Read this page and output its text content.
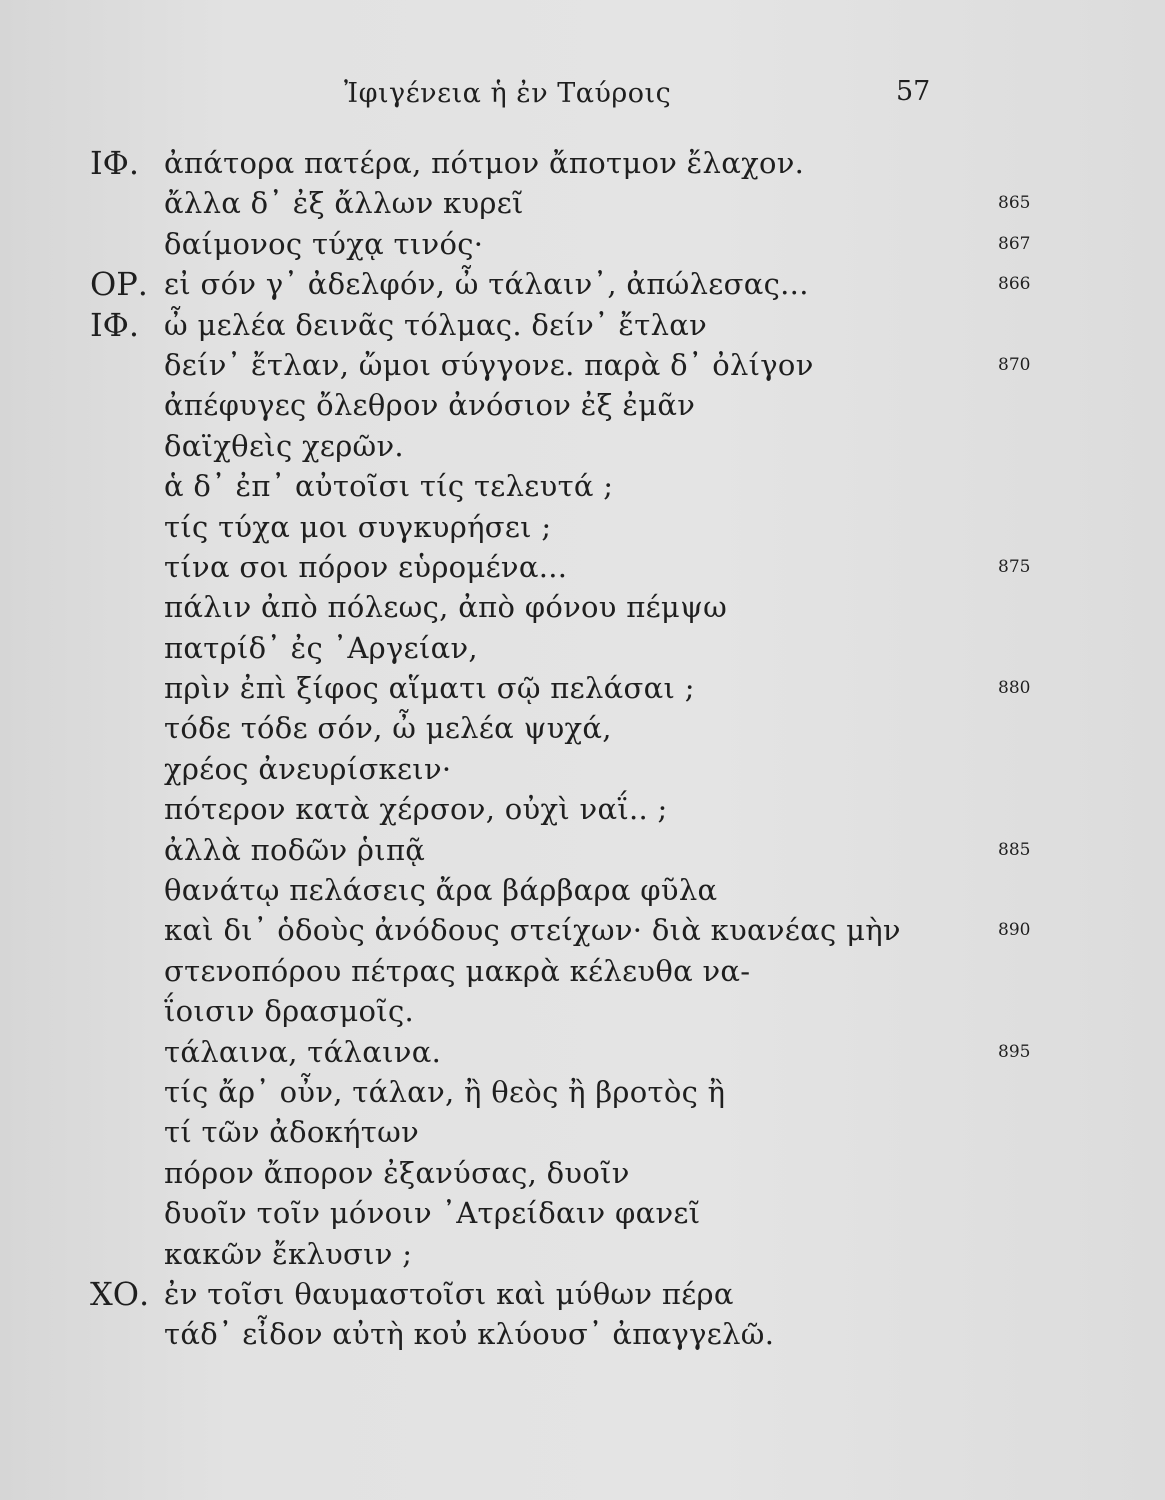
Ἰφιγένεια ἡ ἐν Ταύροις	57
ΙΦ. ἀπάτορα πατέρα, πότμον ἄποτμον ἔλαχον.
ἄλλα δ᾽ ἐξ ἄλλων κυρεῖ	865
δαίμονος τύχᾳ τινός·	867
ΟΡ. εἰ σόν γ᾽ ἀδελφόν, ὦ τάλαιν᾽, ἀπώλεσας...	866
ΙΦ. ὦ μελέα δεινᾶς τόλμας. δείν᾽ ἔτλαν
δείν᾽ ἔτλαν, ὤμοι σύγγονε. παρὰ δ᾽ ὀλίγον	870
ἀπέφυγες ὄλεθρον ἀνόσιον ἐξ ἐμᾶν
δαϊχθεὶς χερῶν.
ἁ δ᾽ ἐπ᾽ αὐτοῖσι τίς τελευτά ;
τίς τύχα μοι συγκυρήσει ;
τίνα σοι πόρον εὑρομένα...	875
πάλιν ἀπὸ πόλεως, ἀπὸ φόνου πέμψω
πατρίδ᾽ ἐς ᾽Αργείαν,
πρὶν ἐπὶ ξίφος αἵματι σῷ πελάσαι ;	880
τόδε τόδε σόν, ὦ μελέα ψυχά,
χρέος ἀνευρίσκειν·
πότερον κατὰ χέρσον, οὐχὶ ναΐ.. ;
ἀλλὰ ποδῶν ῥιπᾷ	885
θανάτῳ πελάσεις ἄρα βάρβαρα φῦλα
καὶ δι᾽ ὁδοὺς ἀνόδους στείχων· διὰ κυανέας μὴν	890
στενοπόρου πέτρας μακρὰ κέλευθα να-
ΐοισιν δρασμοῖς.
τάλαινα, τάλαινα.	895
τίς ἄρ᾽ οὖν, τάλαν, ἢ θεὸς ἢ βροτὸς ἢ
τί τῶν ἀδοκήτων
πόρον ἄπορον ἐξανύσας, δυοῖν
δυοῖν τοῖν μόνοιν ᾽Ατρείδαιν φανεῖ
κακῶν ἔκλυσιν ;
ΧΟ. ἐν τοῖσι θαυμαστοῖσι καὶ μύθων πέρα
τάδ᾽ εἶδον αὐτὴ κοὐ κλύουσ᾽ ἀπαγγελῶ.
